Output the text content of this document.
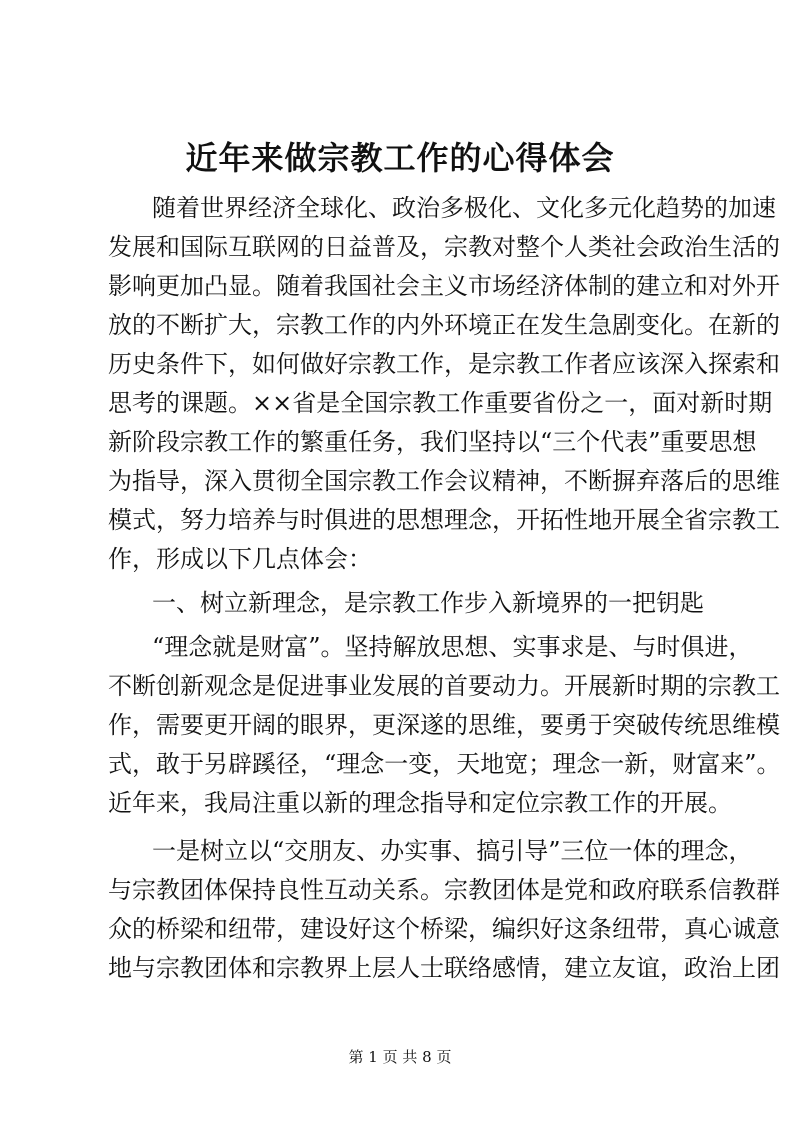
近年来做宗教工作的心得体会
随着世界经济全球化、政治多极化、文化多元化趋势的加速
发展和国际互联网的日益普及，宗教对整个人类社会政治生活的
影响更加凸显。随着我国社会主义市场经济体制的建立和对外开
放的不断扩大，宗教工作的内外环境正在发生急剧变化。在新的
历史条件下，如何做好宗教工作，是宗教工作者应该深入探索和
思考的课题。××省是全国宗教工作重要省份之一，面对新时期
新阶段宗教工作的繁重任务，我们坚持以“三个代表”重要思想
为指导，深入贯彻全国宗教工作会议精神，不断摒弃落后的思维
模式，努力培养与时俱进的思想理念，开拓性地开展全省宗教工
作，形成以下几点体会：
一、树立新理念，是宗教工作步入新境界的一把钥匙
“理念就是财富”。坚持解放思想、实事求是、与时俱进，
不断创新观念是促进事业发展的首要动力。开展新时期的宗教工
作，需要更开阔的眼界，更深遂的思维，要勇于突破传统思维模
式，敢于另辟蹊径，“理念一变，天地宽；理念一新，财富来”。
近年来，我局注重以新的理念指导和定位宗教工作的开展。
一是树立以“交朋友、办实事、搞引导”三位一体的理念，
与宗教团体保持良性互动关系。宗教团体是党和政府联系信教群
众的桥梁和纽带，建设好这个桥梁，编织好这条纽带，真心诚意
地与宗教团体和宗教界上层人士联络感情，建立友谊，政治上团
第 1 页 共 8 页
